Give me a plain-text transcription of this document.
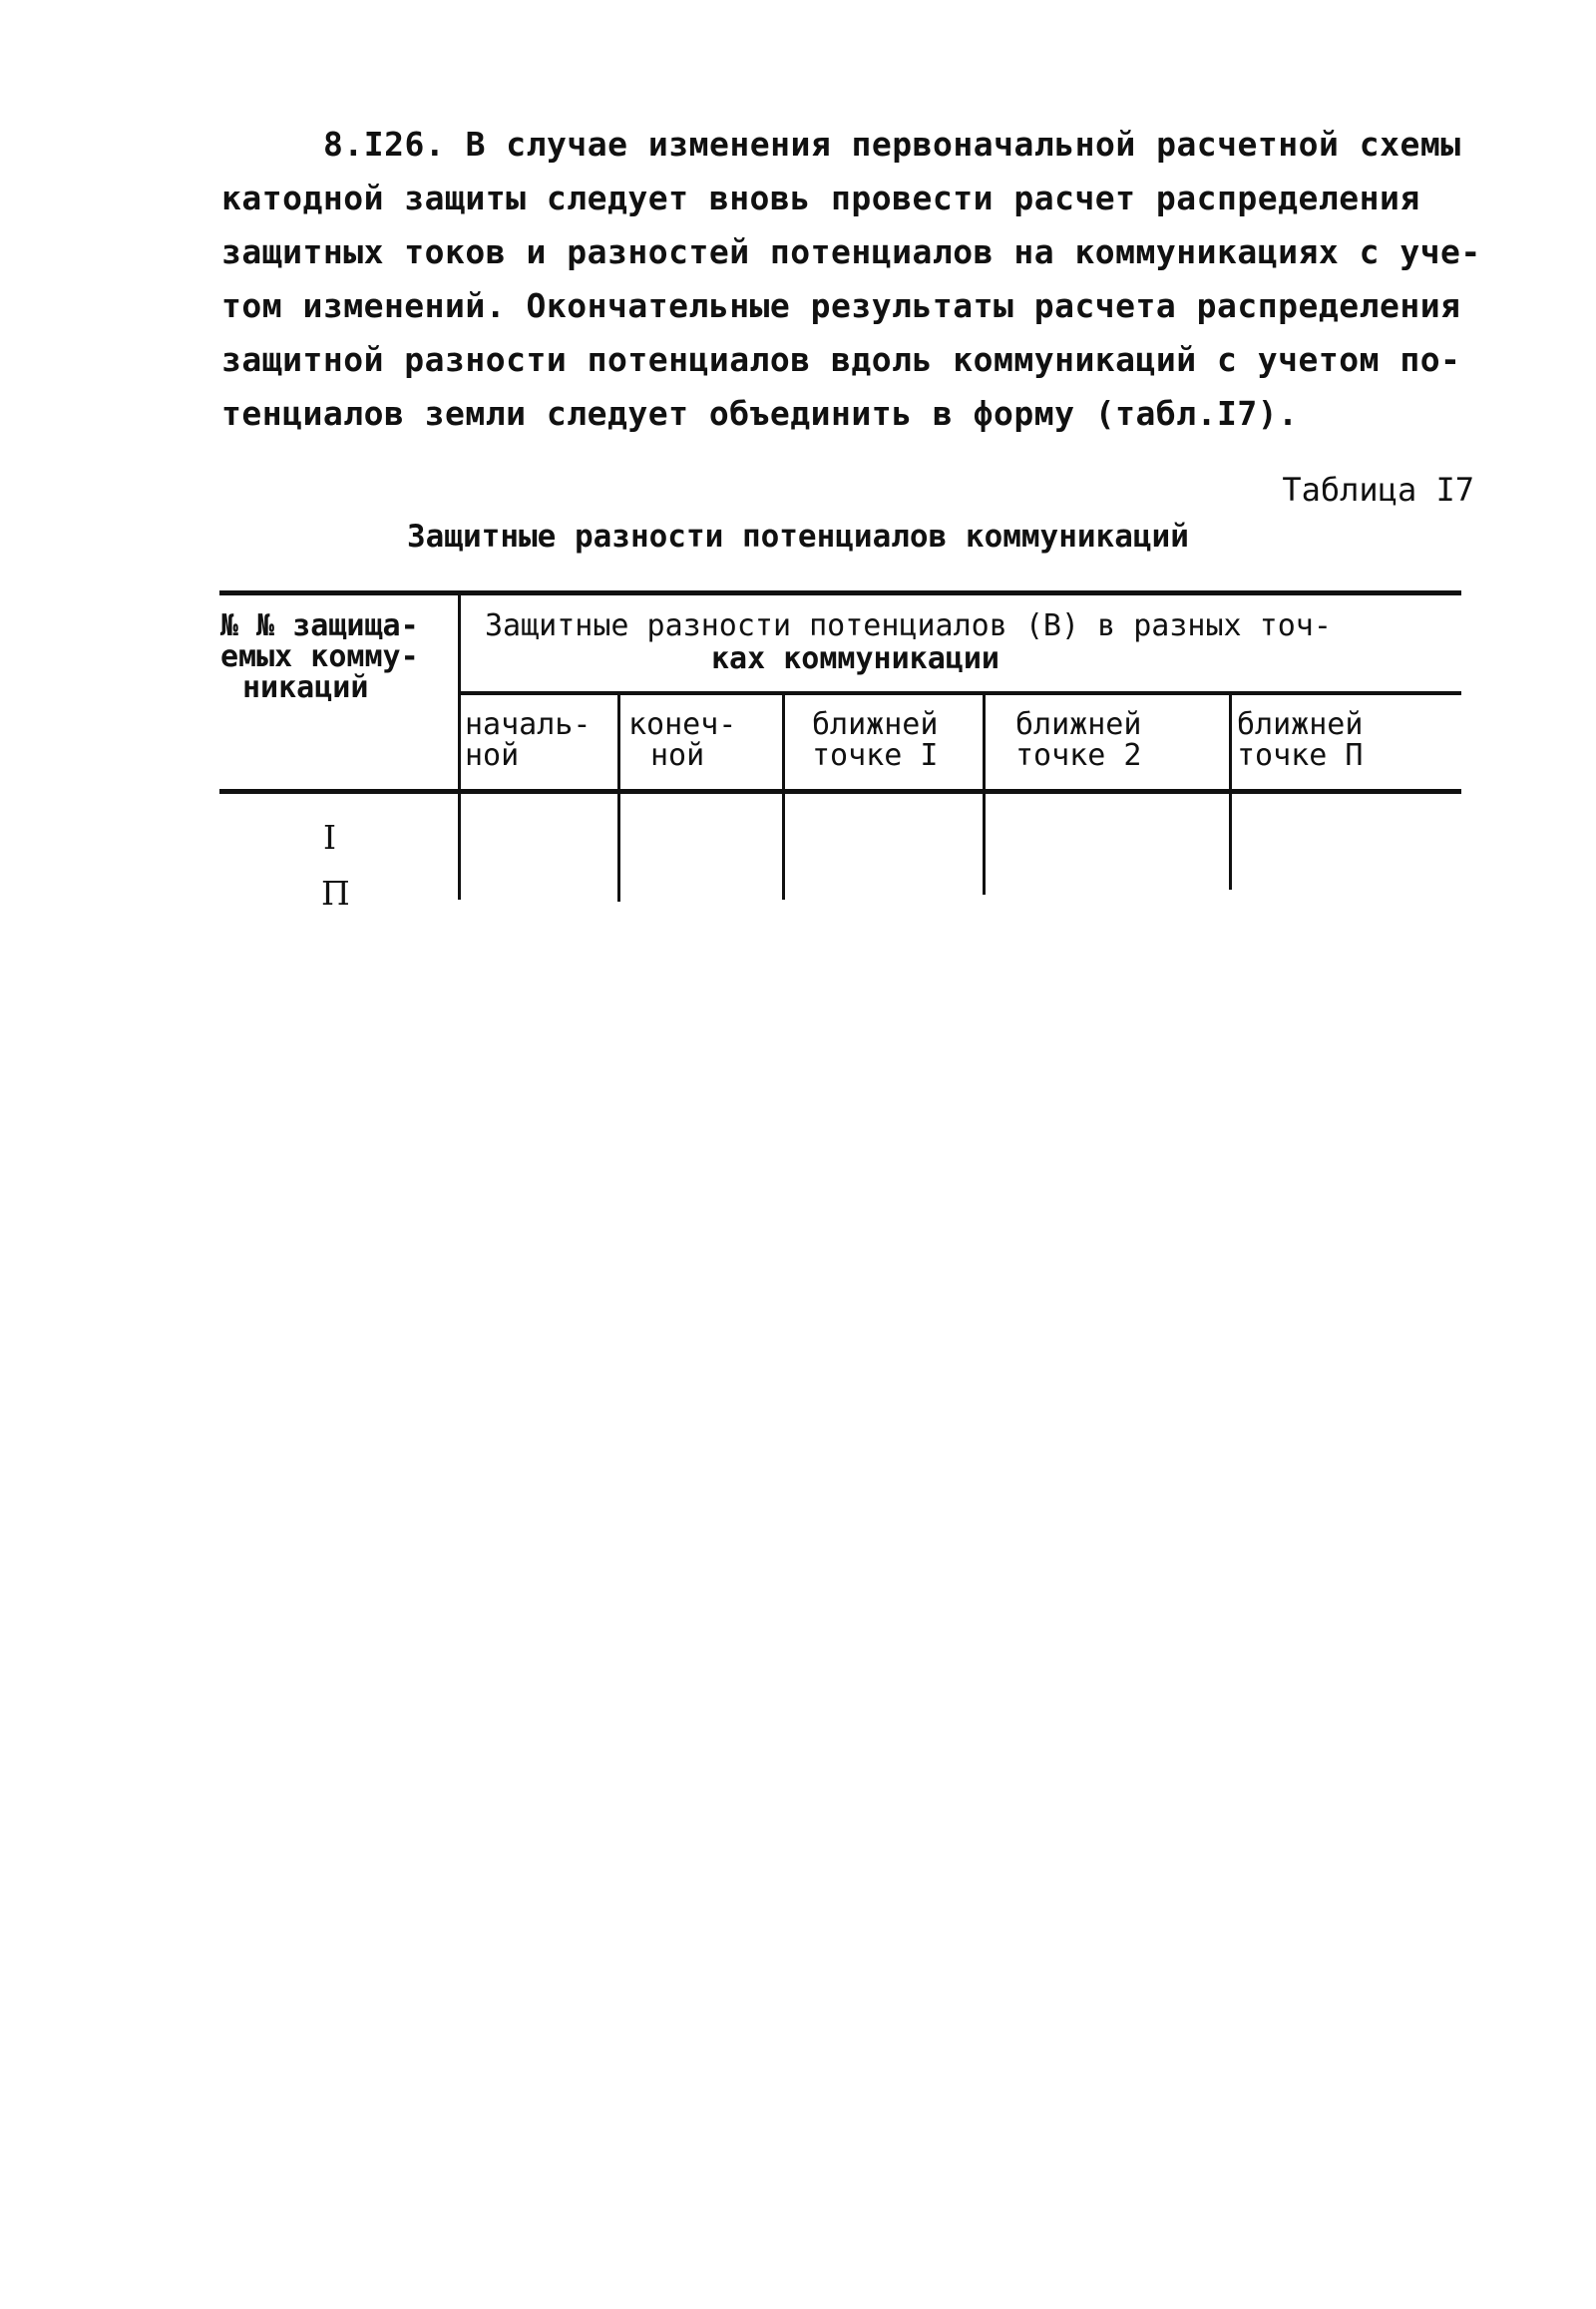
8.I26. В случае изменения первоначальной расчетной схемы
катодной защиты следует вновь провести расчет распределения
защитных токов и разностей потенциалов на коммуникациях с уче-
том изменений. Окончательные результаты расчета распределения
защитной разности потенциалов вдоль коммуникаций с учетом по-
тенциалов земли следует объединить в форму (табл.I7).
Таблица I7
Защитные разности потенциалов коммуникаций
№ № защища-
емых комму-
никаций
Защитные разности потенциалов (В) в разных точ-
ках коммуникации
началь-
ной
конеч-
ной
ближней
точке I
ближней
точке 2
ближней
точке П
I
П
